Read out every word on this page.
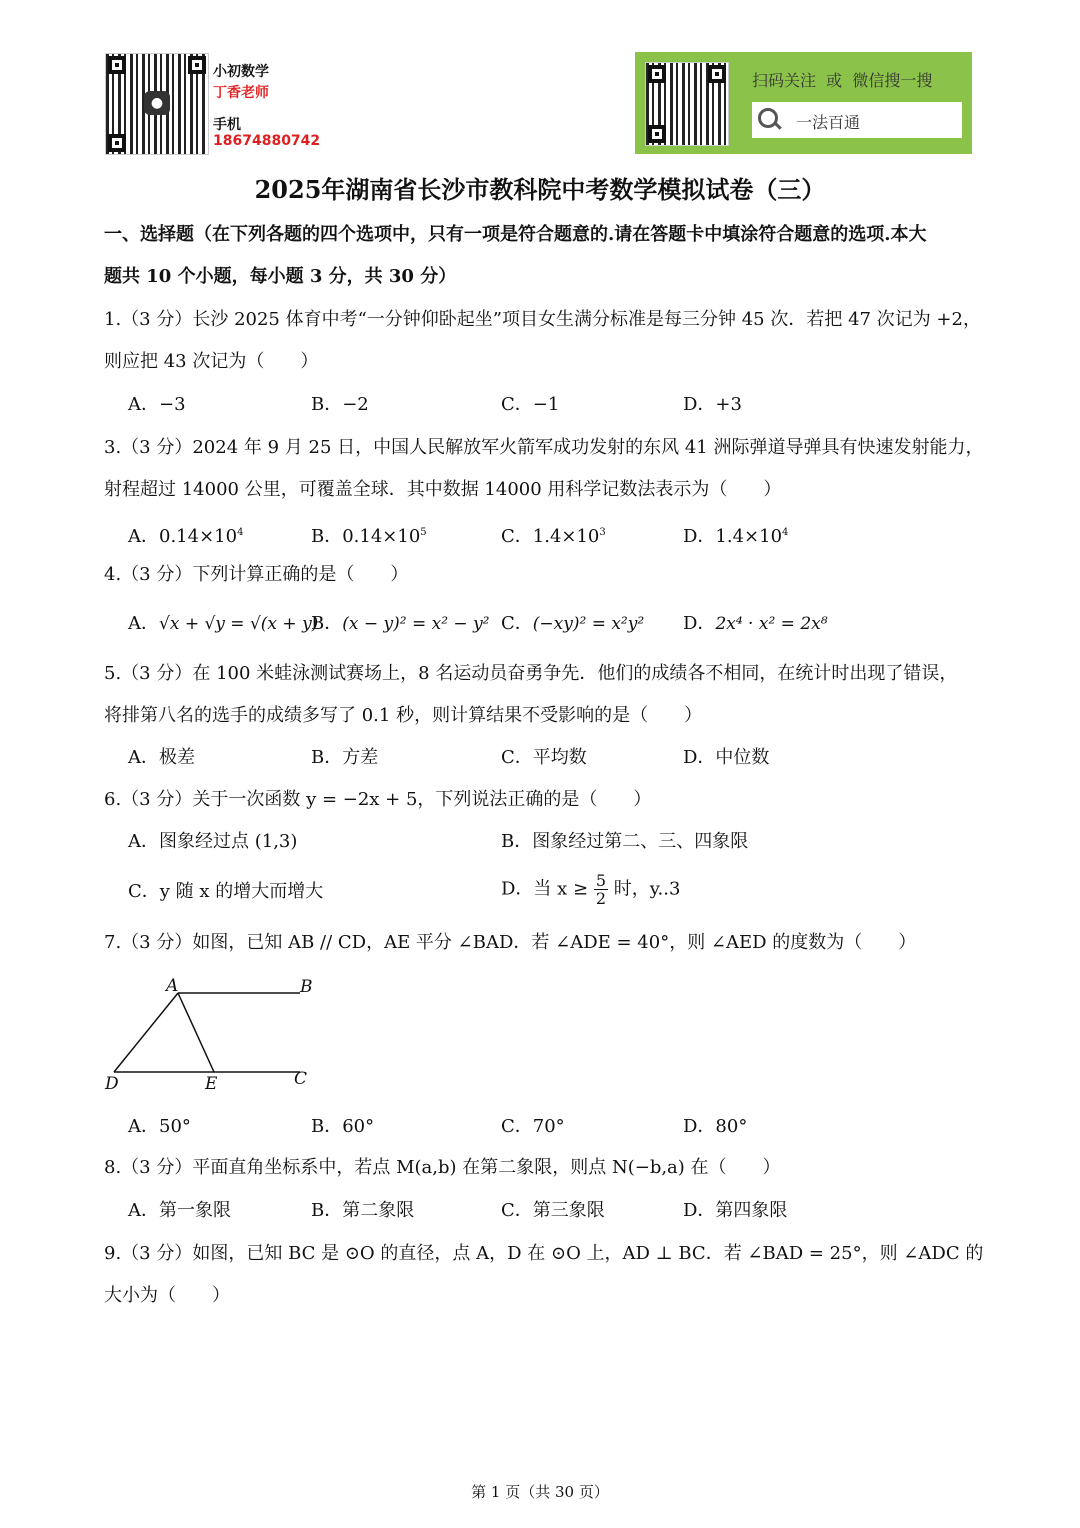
●
小初数学
丁香老师
手机
18674880742
扫码关注  或  微信搜一搜
一法百通
2025年湖南省长沙市教科院中考数学模拟试卷（三）
一、选择题（在下列各题的四个选项中，只有一项是符合题意的.请在答题卡中填涂符合题意的选项.本大
题共 10 个小题，每小题 3 分，共 30 分）
1.（3 分）长沙 2025 体育中考“一分钟仰卧起坐”项目女生满分标准是每三分钟 45 次．若把 47 次记为 +2，
则应把 43 次记为（　　）
A．−3	B．−2	C．−1	D．+3
3.（3 分）2024 年 9 月 25 日，中国人民解放军火箭军成功发射的东风 41 洲际弹道导弹具有快速发射能力，
射程超过 14000 公里，可覆盖全球．其中数据 14000 用科学记数法表示为（　　）
A．$0.14\times 10^4$	B．$0.14\times 10^5$	C．$1.4\times 10^3$	D．$1.4\times 10^4$
4.（3 分）下列计算正确的是（　　）
A．√x + √y = √(x + y)
B．(x − y)² = x² − y² C．(−xy)² = x²y² D．2x⁴ · x² = 2x⁸
5.（3 分）在 100 米蛙泳测试赛场上，8 名运动员奋勇争先．他们的成绩各不相同，在统计时出现了错误，
将排第八名的选手的成绩多写了 0.1 秒，则计算结果不受影响的是（　　）
A．极差	B．方差	C．平均数	D．中位数
6.（3 分）关于一次函数 y = −2x + 5，下列说法正确的是（　　）
A．图象经过点 (1,3)	B．图象经过第二、三、四象限
C．y 随 x 的增大而增大	D．当 $x \ge \frac{5}{2}$ 时，y..3
7.（3 分）如图，已知 AB // CD，AE 平分 ∠BAD．若 ∠ADE = 40°，则 ∠AED 的度数为（　　）
A	B
D	E	C
A．50°	B．60°	C．70°	D．80°
8.（3 分）平面直角坐标系中，若点 M(a,b) 在第二象限，则点 N(−b,a) 在（　　）
A．第一象限	B．第二象限	C．第三象限	D．第四象限
9.（3 分）如图，已知 BC 是 ⊙O 的直径，点 A，D 在 ⊙O 上，AD ⊥ BC．若 ∠BAD = 25°，则 ∠ADC 的
大小为（　　）
第 1 页（共 30 页）
